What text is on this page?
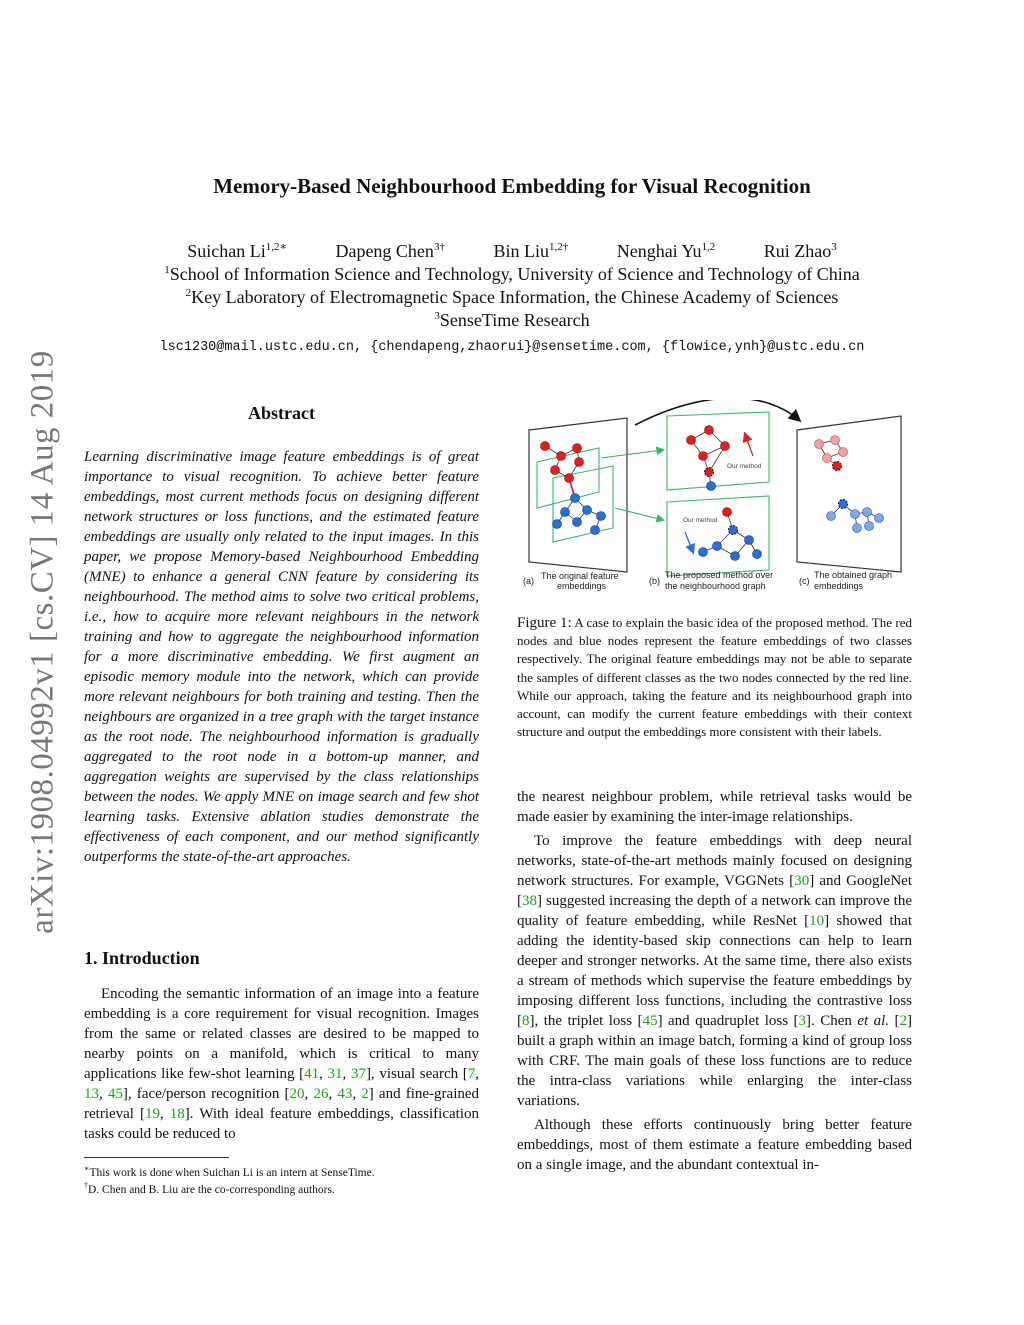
arXiv:1908.04992v1 [cs.CV] 14 Aug 2019
Memory-Based Neighbourhood Embedding for Visual Recognition
Suichan $Li^{1,2∗}$	Dapeng Chen$^{3\dagger}$	Bin Liu$^{1,2\dagger}$	Nenghai Yu$^{1,2}$	Rui Zhao$^3$
$^1$School of Information Science and Technology, University of Science and Technology of China
$^2$Key Laboratory of Electromagnetic Space Information, the Chinese Academy of Sciences
$^3$SenseTime Research
lsc1230@mail.ustc.edu.cn, {chendapeng,zhaorui}@sensetime.com, {flowice,ynh}@ustc.edu.cn
Abstract

Learning discriminative image feature embeddings is of great importance to visual recognition. To achieve better feature embeddings, most current methods focus on designing different network structures or loss functions, and the estimated feature embeddings are usually only related to the input images. In this paper, we propose Memory-based Neighbourhood Embedding (MNE) to enhance a general CNN feature by considering its neighbourhood. The method aims to solve two critical problems, i.e., how to acquire more relevant neighbours in the network training and how to aggregate the neighbourhood information for a more discriminative embedding. We first augment an episodic memory module into the network, which can provide more relevant neighbours for both training and testing. Then the neighbours are organized in a tree graph with the target instance as the root node. The neighbourhood information is gradually aggregated to the root node in a bottom-up manner, and aggregation weights are supervised by the class relationships between the nodes. We apply MNE on image search and few shot learning tasks. Extensive ablation studies demonstrate the effectiveness of each component, and our method significantly outperforms the state-of-the-art approaches.

1. Introduction

Encoding the semantic information of an image into a feature embedding is a core requirement for visual recognition. Images from the same or related classes are desired to be mapped to nearby points on a manifold, which is critical to many applications like few-shot learning [41, 31, 37], visual search [7, 13, 45], face/person recognition [20, 26, 43, 2] and fine-grained retrieval [19, 18]. With ideal feature embeddings, classification tasks could be reduced to

∗This work is done when Suichan Li is an intern at SenseTime.
†D. Chen and B. Liu are the co-corresponding authors.
Our method
Our method
(a) The original feature
embeddings	(b)
The proposed method over
the neighbourhood graph	(c)
The obtained graph
embeddings
Figure 1: A case to explain the basic idea of the proposed method. The red nodes and blue nodes represent the feature embeddings of two classes respectively. The original feature embeddings may not be able to separate the samples of different classes as the two nodes connected by the red line. While our approach, taking the feature and its neighbourhood graph into account, can modify the current feature embeddings with their context structure and output the embeddings more consistent with their labels.

the nearest neighbour problem, while retrieval tasks would be made easier by examining the inter-image relationships.

To improve the feature embeddings with deep neural networks, state-of-the-art methods mainly focused on designing network structures. For example, VGGNets [30] and GoogleNet [38] suggested increasing the depth of a network can improve the quality of feature embedding, while ResNet [10] showed that adding the identity-based skip connections can help to learn deeper and stronger networks. At the same time, there also exists a stream of methods which supervise the feature embeddings by imposing different loss functions, including the contrastive loss [8], the triplet loss [45] and quadruplet loss [3]. Chen et al. [2] built a graph within an image batch, forming a kind of group loss with CRF. The main goals of these loss functions are to reduce the intra-class variations while enlarging the inter-class variations.

Although these efforts continuously bring better feature embeddings, most of them estimate a feature embedding based on a single image, and the abundant contextual in-
